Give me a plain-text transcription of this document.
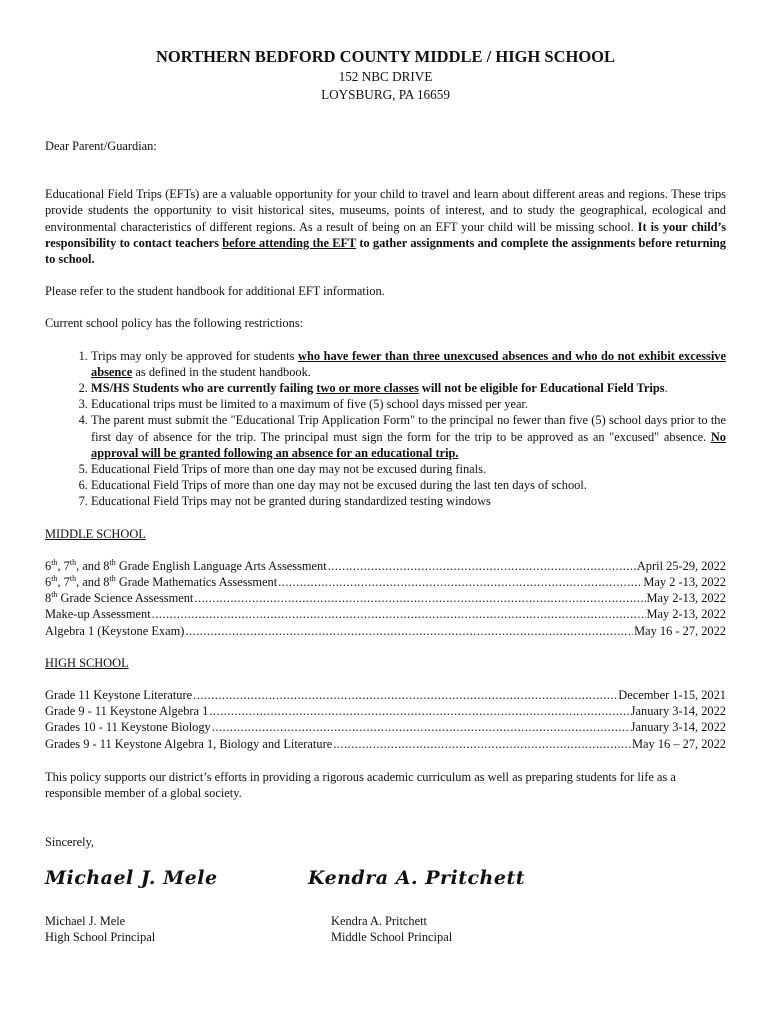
NORTHERN BEDFORD COUNTY MIDDLE / HIGH SCHOOL
152 NBC DRIVE
LOYSBURG, PA 16659

Dear Parent/Guardian:

Educational Field Trips (EFTs) are a valuable opportunity for your child to travel and learn about different areas and regions. These trips provide students the opportunity to visit historical sites, museums, points of interest, and to study the geographical, ecological and environmental characteristics of different regions. As a result of being on an EFT your child will be missing school. It is your child’s responsibility to contact teachers before attending the EFT to gather assignments and complete the assignments before returning to school.

Please refer to the student handbook for additional EFT information.

Current school policy has the following restrictions:

1. Trips may only be approved for students who have fewer than three unexcused absences and who do not exhibit excessive absence as defined in the student handbook.
2. MS/HS Students who are currently failing two or more classes will not be eligible for Educational Field Trips.
3. Educational trips must be limited to a maximum of five (5) school days missed per year.
4. The parent must submit the "Educational Trip Application Form" to the principal no fewer than five (5) school days prior to the first day of absence for the trip. The principal must sign the form for the trip to be approved as an "excused" absence. No approval will be granted following an absence for an educational trip.
5. Educational Field Trips of more than one day may not be excused during finals.
6. Educational Field Trips of more than one day may not be excused during the last ten days of school.
7. Educational Field Trips may not be granted during standardized testing windows

MIDDLE SCHOOL

6th, 7th, and 8th Grade English Language Arts Assessment .....	April 25-29, 2022
6th, 7th, and 8th Grade Mathematics Assessment .....	May 2 -13, 2022
8th Grade Science Assessment .....	May 2-13, 2022
Make-up Assessment .....	May 2-13, 2022
Algebra 1 (Keystone Exam) .....	May 16 - 27, 2022

HIGH SCHOOL

Grade 11 Keystone Literature .....	December 1-15, 2021
Grade 9 - 11 Keystone Algebra 1 .....	January 3-14, 2022
Grades 10 - 11 Keystone Biology .....	January 3-14, 2022
Grades 9 - 11 Keystone Algebra 1, Biology and Literature .....	May 16 – 27, 2022

This policy supports our district’s efforts in providing a rigorous academic curriculum as well as preparing students for life as a responsible member of a global society.

Sincerely,

Michael J. Mele
Michael J. Mele
High School Principal
Kendra A. Pritchett
Kendra A. Pritchett
Middle School Principal
